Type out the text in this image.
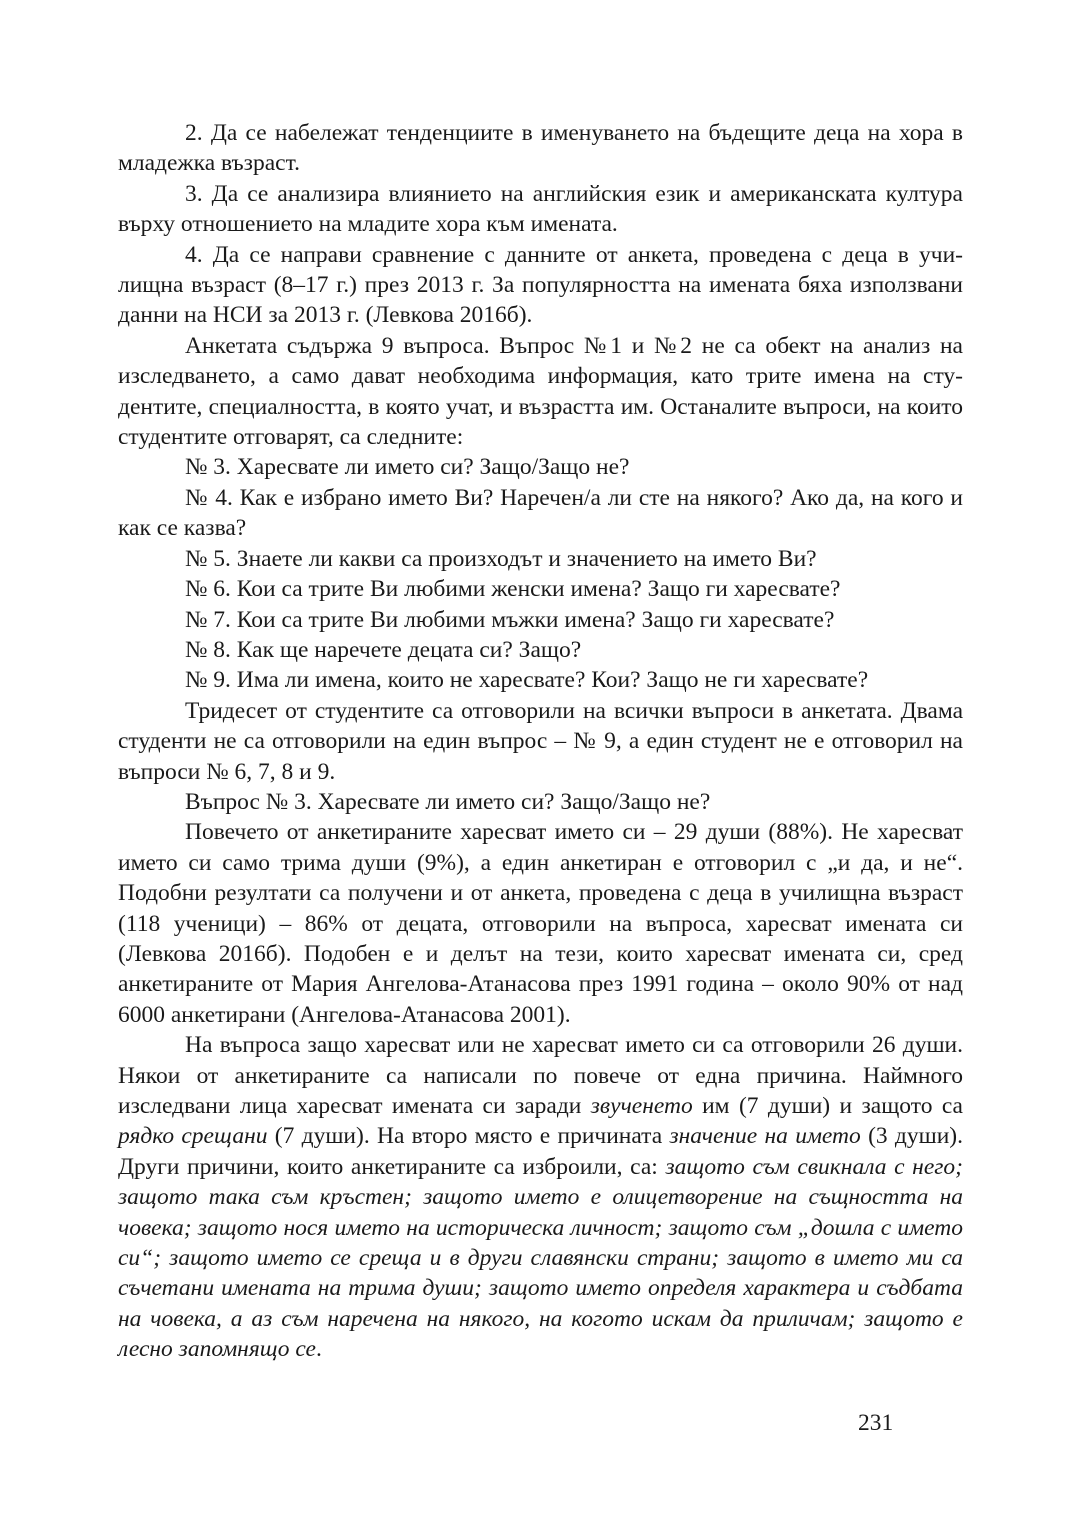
2. Да се набележат тенденциите в именуването на бъдещите деца на хора в младежка възраст.

3. Да се анализира влиянието на английския език и американската култура върху отношението на младите хора към имената.

4. Да се направи сравнение с данните от анкета, проведена с деца в училищна възраст (8–17 г.) през 2013 г. За популярността на имената бяха използвани данни на НСИ за 2013 г. (Левкова 2016б).

Анкетата съдържа 9 въпроса. Въпрос №1 и №2 не са обект на анализ на изследването, а само дават необходима информация, като трите имена на студентите, специалността, в която учат, и възрастта им. Останалите въпроси, на които студентите отговарят, са следните:

№ 3. Харесвате ли името си? Защо/Защо не?

№ 4. Как е избрано името Ви? Наречен/а ли сте на някого? Ако да, на кого и как се казва?

№ 5. Знаете ли какви са произходът и значението на името Ви?

№ 6. Кои са трите Ви любими женски имена? Защо ги харесвате?

№ 7. Кои са трите Ви любими мъжки имена? Защо ги харесвате?

№ 8. Как ще наречете децата си? Защо?

№ 9. Има ли имена, които не харесвате? Кои? Защо не ги харесвате?

Тридесет от студентите са отговорили на всички въпроси в анкетата. Двама студенти не са отговорили на един въпрос – № 9, а един студент не е отговорил на въпроси № 6, 7, 8 и 9.

Въпрос № 3. Харесвате ли името си? Защо/Защо не?

Повечето от анкетираните харесват името си – 29 души (88%). Не харесват името си само трима души (9%), а един анкетиран е отговорил с „и да, и не“. Подобни резултати са получени и от анкета, проведена с деца в училищна възраст (118 ученици) – 86% от децата, отговорили на въпроса, харесват имената си (Левкова 2016б). Подобен е и делът на тези, които харесват имената си, сред анкетираните от Мария Ангелова-Атанасова през 1991 година – около 90% от над 6000 анкетирани (Ангелова-Атанасова 2001).

На въпроса защо харесват или не харесват името си са отговорили 26 души. Някои от анкетираните са написали по повече от една причина. Наймного изследвани лица харесват имената си заради звученето им (7 души) и защото са рядко срещани (7 души). На второ място е причината значение на името (3 души). Други причини, които анкетираните са изброили, са: защото съм свикнала с него; защото така съм кръстен; защото името е олицетворение на същността на човека; защото нося името на историческа личност; защото съм „дошла с името си“; защото името се среща и в други славянски страни; защото в името ми са съчетани имената на трима души; защото името определя характера и съдбата на човека, а аз съм наречена на някого, на когото искам да приличам; защото е лесно запомнящо се.

231
